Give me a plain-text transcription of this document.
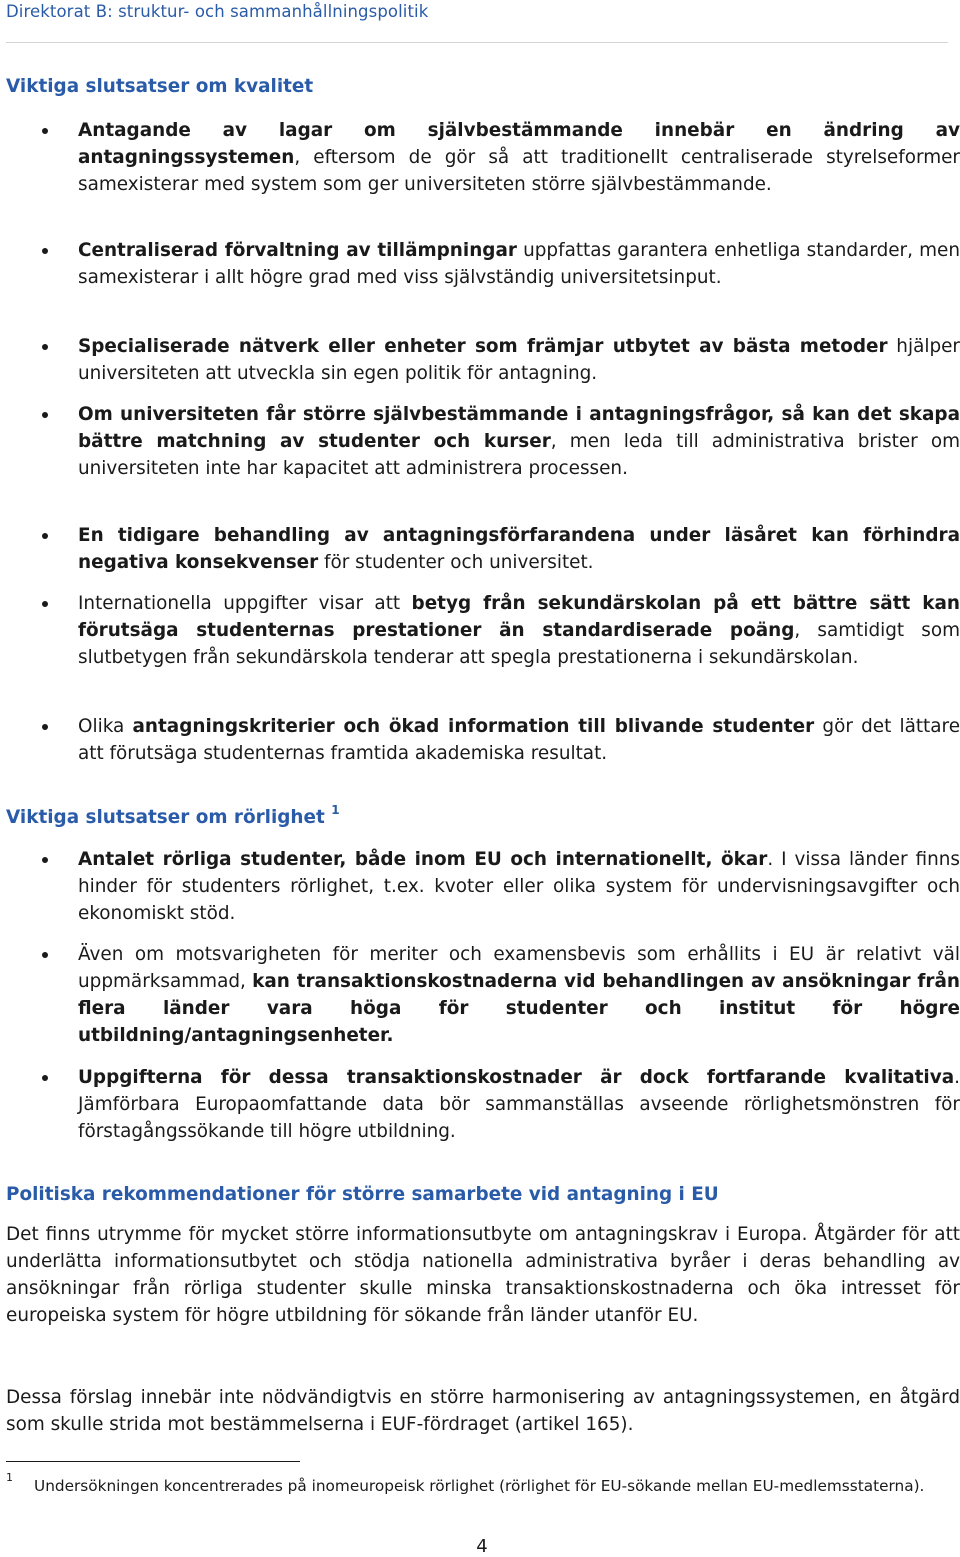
Direktorat B: struktur- och sammanhållningspolitik
Viktiga slutsatser om kvalitet
Antagande av lagar om självbestämmande innebär en ändring av antagningssystemen, eftersom de gör så att traditionellt centraliserade styrelseformer samexisterar med system som ger universiteten större självbestämmande.
Centraliserad förvaltning av tillämpningar uppfattas garantera enhetliga standarder, men samexisterar i allt högre grad med viss självständig universitetsinput.
Specialiserade nätverk eller enheter som främjar utbytet av bästa metoder hjälper universiteten att utveckla sin egen politik för antagning.
Om universiteten får större självbestämmande i antagningsfrågor, så kan det skapa bättre matchning av studenter och kurser, men leda till administrativa brister om universiteten inte har kapacitet att administrera processen.
En tidigare behandling av antagningsförfarandena under läsåret kan förhindra negativa konsekvenser för studenter och universitet.
Internationella uppgifter visar att betyg från sekundärskolan på ett bättre sätt kan förutsäga studenternas prestationer än standardiserade poäng, samtidigt som slutbetygen från sekundärskola tenderar att spegla prestationerna i sekundärskolan.
Olika antagningskriterier och ökad information till blivande studenter gör det lättare att förutsäga studenternas framtida akademiska resultat.
Viktiga slutsatser om rörlighet $^1$
Antalet rörliga studenter, både inom EU och internationellt, ökar. I vissa länder finns hinder för studenters rörlighet, t.ex. kvoter eller olika system för undervisningsavgifter och ekonomiskt stöd.
Även om motsvarigheten för meriter och examensbevis som erhållits i EU är relativt väl uppmärksammad, kan transaktionskostnaderna vid behandlingen av ansökningar från flera länder vara höga för studenter och institut för högre utbildning/antagningsenheter.
Uppgifterna för dessa transaktionskostnader är dock fortfarande kvalitativa. Jämförbara Europaomfattande data bör sammanställas avseende rörlighetsmönstren för förstagångssökande till högre utbildning.
Politiska rekommendationer för större samarbete vid antagning i EU
Det finns utrymme för mycket större informationsutbyte om antagningskrav i Europa. Åtgärder för att underlätta informationsutbytet och stödja nationella administrativa byråer i deras behandling av ansökningar från rörliga studenter skulle minska transaktionskostnaderna och öka intresset för europeiska system för högre utbildning för sökande från länder utanför EU.
Dessa förslag innebär inte nödvändigtvis en större harmonisering av antagningssystemen, en åtgärd som skulle strida mot bestämmelserna i EUF-fördraget (artikel 165).
1 Undersökningen koncentrerades på inomeuropeisk rörlighet (rörlighet för EU-sökande mellan EU-medlemsstaterna).
4
